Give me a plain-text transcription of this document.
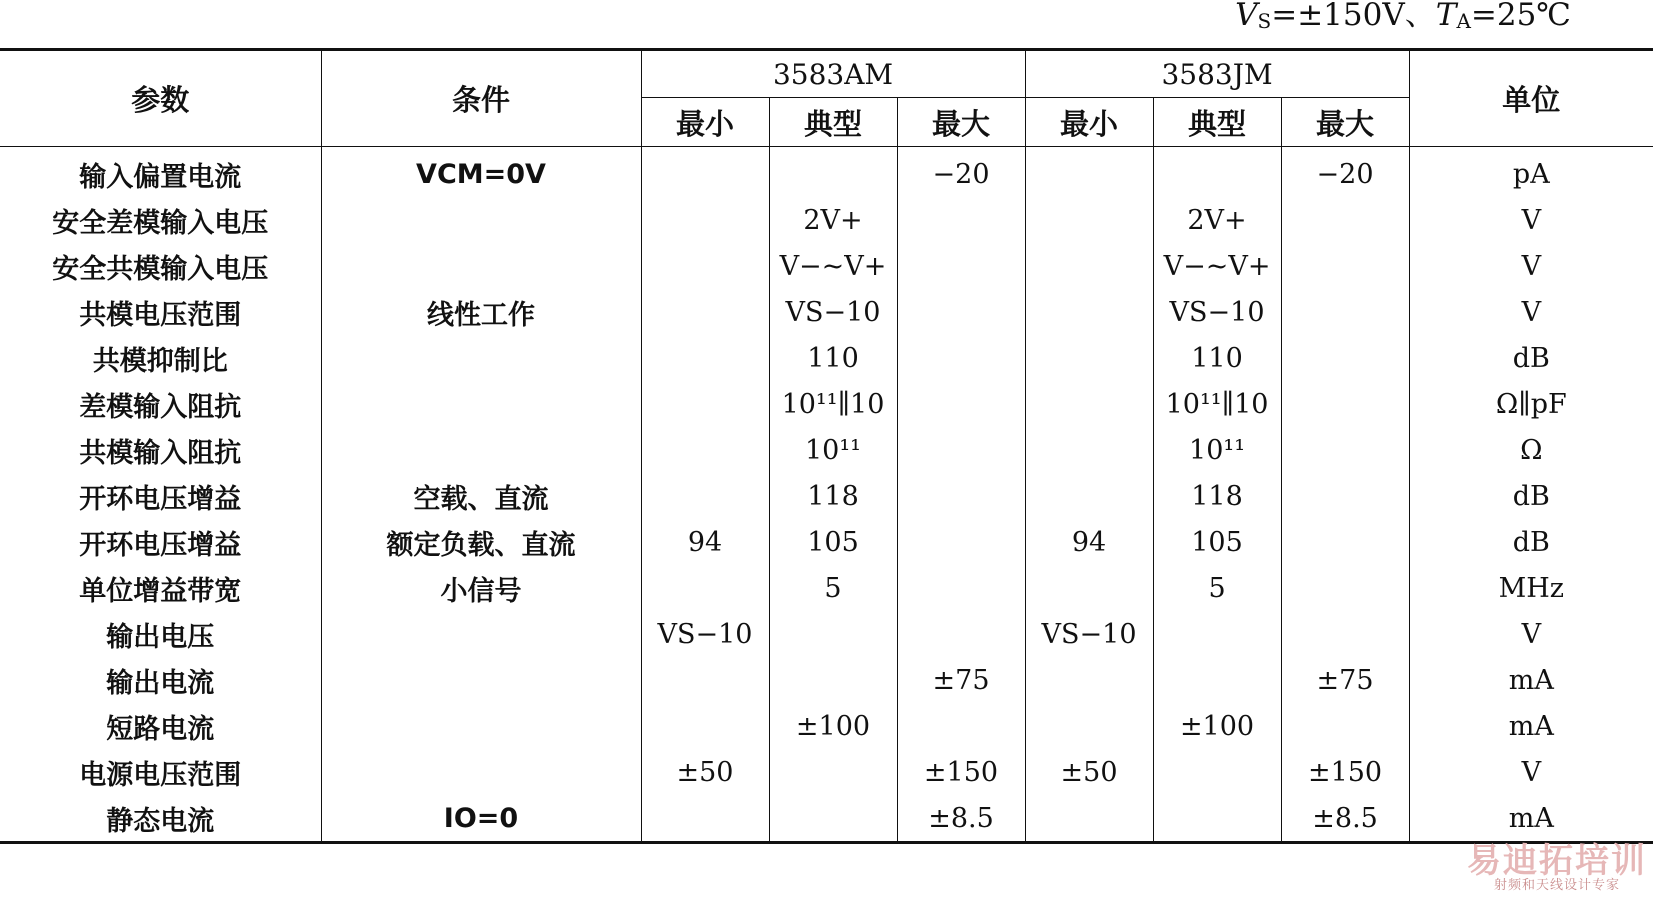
$V_S=\pm 150V$、$T_A=25℃$
参数	条件	3583AM			3583JM			单位
		最小	典型	最大	最小	典型	最大	
输入偏置电流	VCM=0V			−20			−20	pA
安全差模输入电压			2V+			2V+		V
安全共模输入电压			V−~V+			V−~V+		V
共模电压范围	线性工作		VS−10			VS−10		V
共模抑制比			110			110		dB
差模输入阻抗			10¹¹∥10			10¹¹∥10		Ω∥pF
共模输入阻抗			10¹¹			10¹¹		Ω
开环电压增益	空载、直流		118			118		dB
开环电压增益	额定负载、直流	94	105		94	105		dB
单位增益带宽	小信号		5			5		MHz
输出电压		VS−10			VS−10			V
输出电流				±75			±75	mA
短路电流			±100			±100		mA
电源电压范围		±50		±150	±50		±150	V
静态电流	IO=0			±8.5			±8.5	mA
易迪拓培训
射频和天线设计专家
